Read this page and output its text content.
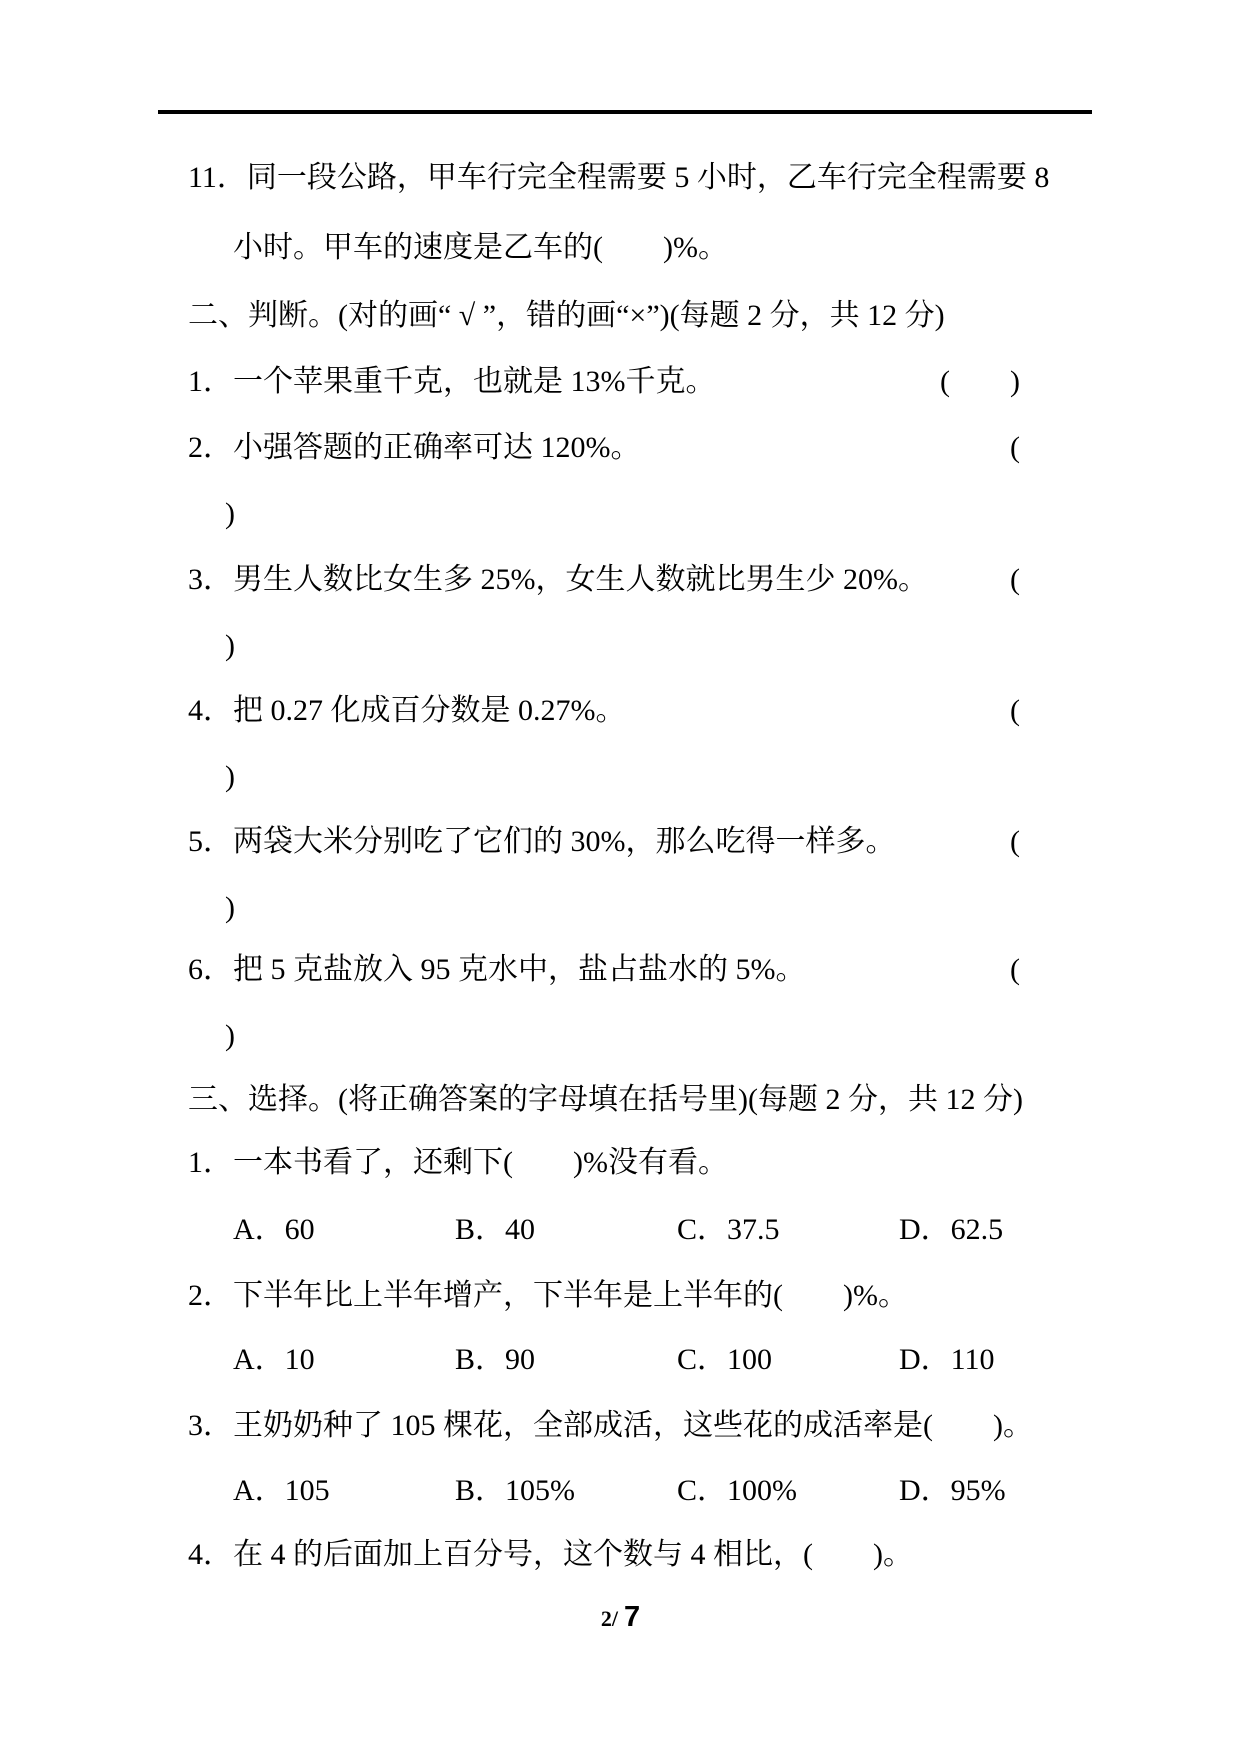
11．同一段公路，甲车行完全程需要 5 小时，乙车行完全程需要 8
小时。甲车的速度是乙车的(　　)%。
二、判断。(对的画“ √ ”，错的画“×”)(每题 2 分，共 12 分)
1．一个苹果重千克，也就是 13%千克。	(　　)
2．小强答题的正确率可达 120%。	(
)
3．男生人数比女生多 25%，女生人数就比男生少 20%。	(
)
4．把 0.27 化成百分数是 0.27%。	(
)
5．两袋大米分别吃了它们的 30%，那么吃得一样多。	(
)
6．把 5 克盐放入 95 克水中，盐占盐水的 5%。	(
)
三、选择。(将正确答案的字母填在括号里)(每题 2 分，共 12 分)
1．一本书看了，还剩下(　　)%没有看。
A．60	B．40	C．37.5	D．62.5
2．下半年比上半年增产，下半年是上半年的(　　)%。
A．10	B．90	C．100	D．110
3．王奶奶种了 105 棵花，全部成活，这些花的成活率是(　　)。
A．105	B．105%	C．100%	D．95%
4．在 4 的后面加上百分号，这个数与 4 相比，(　　)。
2/ 7
